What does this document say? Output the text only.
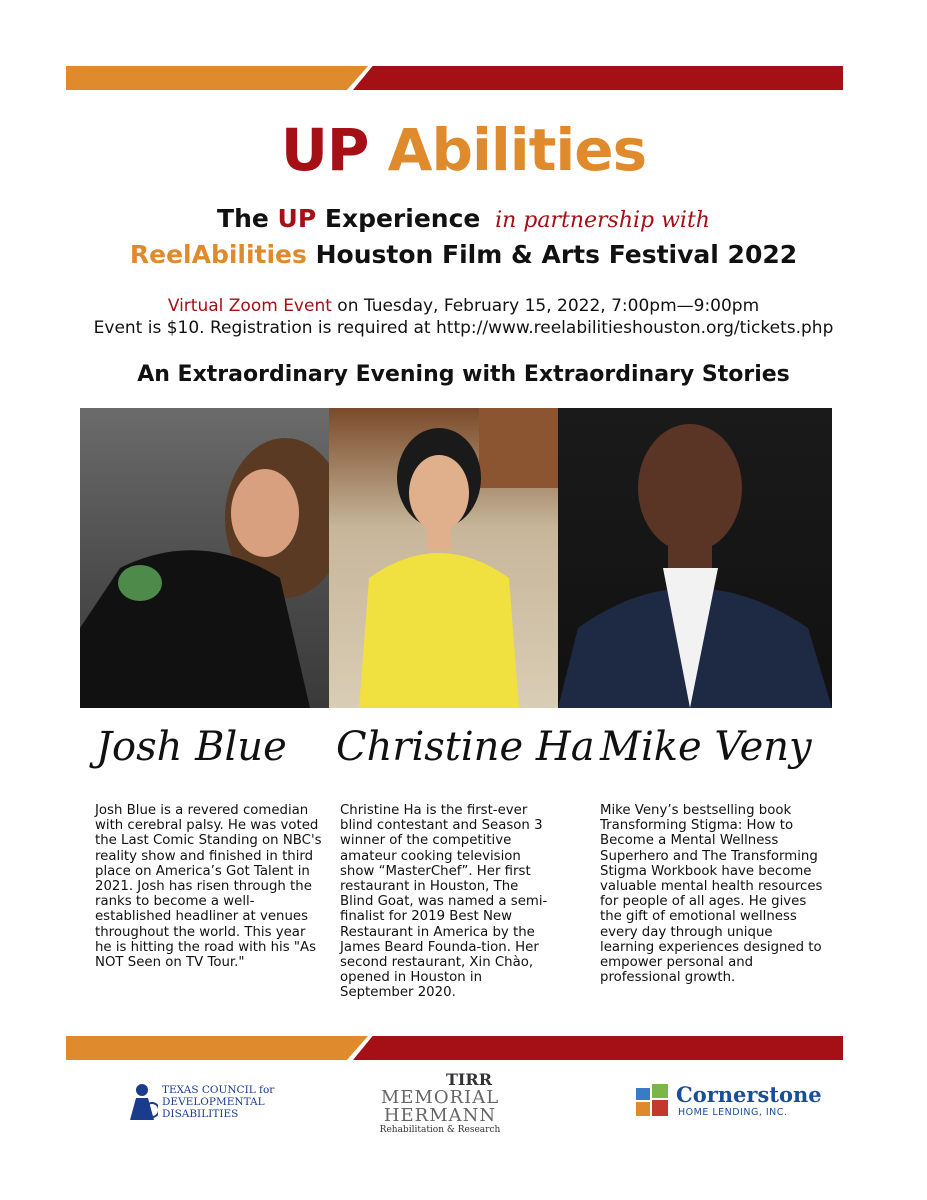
UP Abilities
The UP Experience in partnership with
ReelAbilities Houston Film & Arts Festival 2022
Virtual Zoom Event on Tuesday, February 15, 2022, 7:00pm—9:00pm
Event is $10. Registration is required at http://www.reelabilitieshouston.org/tickets.php
An Extraordinary Evening with Extraordinary Stories
Josh Blue Christine Ha Mike Veny
Josh Blue is a revered comedian with cerebral palsy. He was voted the Last Comic Standing on NBC's reality show and finished in third place on America’s Got Talent in 2021. Josh has risen through the ranks to become a well-established headliner at venues throughout the world. This year he is hitting the road with his "As NOT Seen on TV Tour."
Christine Ha is the first-ever blind contestant and Season 3 winner of the competitive amateur cooking television show “MasterChef”. Her first restaurant in Houston, The Blind Goat, was named a semi-finalist for 2019 Best New Restaurant in America by the James Beard Founda-tion. Her second restaurant, Xin Chào, opened in Houston in September 2020.
Mike Veny’s bestselling book Transforming Stigma: How to Become a Mental Wellness Superhero and The Transforming Stigma Workbook have become valuable mental health resources for people of all ages. He gives the gift of emotional wellness every day through unique learning experiences designed to empower personal and professional growth.
TEXAS COUNCIL for
DEVELOPMENTAL
DISABILITIES
TIRR
MEMORIAL
HERMANN
Rehabilitation & Research
Cornerstone
HOME LENDING, INC.
